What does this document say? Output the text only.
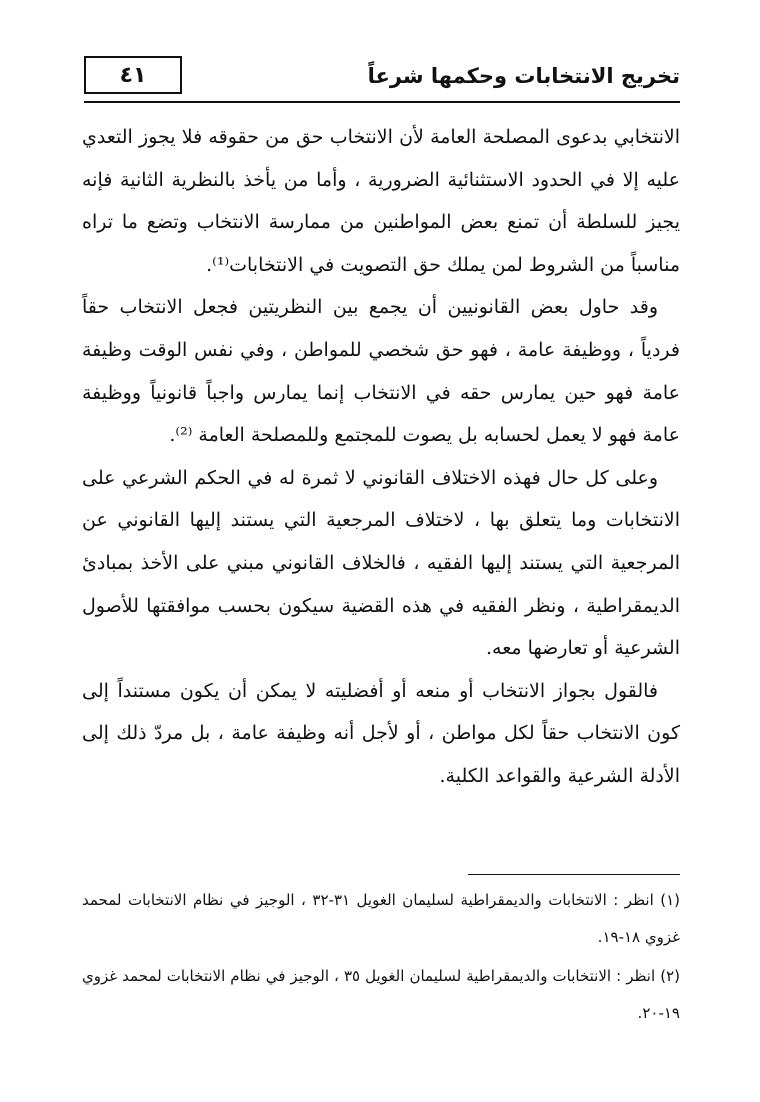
تخريج الانتخابات وحكمها شرعاً
٤١

الانتخابي بدعوى المصلحة العامة لأن الانتخاب حق من حقوقه فلا يجوز التعدي عليه إلا في الحدود الاستثنائية الضرورية ، وأما من يأخذ بالنظرية الثانية فإنه يجيز للسلطة أن تمنع بعض المواطنين من ممارسة الانتخاب وتضع ما تراه مناسباً من الشروط لمن يملك حق التصويت في الانتخابات⁽¹⁾.

وقد حاول بعض القانونيين أن يجمع بين النظريتين فجعل الانتخاب حقاً فردياً ، ووظيفة عامة ، فهو حق شخصي للمواطن ، وفي نفس الوقت وظيفة عامة فهو حين يمارس حقه في الانتخاب إنما يمارس واجباً قانونياً ووظيفة عامة فهو لا يعمل لحسابه بل يصوت للمجتمع وللمصلحة العامة ⁽²⁾.

وعلى كل حال فهذه الاختلاف القانوني لا ثمرة له في الحكم الشرعي على الانتخابات وما يتعلق بها ، لاختلاف المرجعية التي يستند إليها القانوني عن المرجعية التي يستند إليها الفقيه ، فالخلاف القانوني مبني على الأخذ بمبادئ الديمقراطية ، ونظر الفقيه في هذه القضية سيكون بحسب موافقتها للأصول الشرعية أو تعارضها معه.

فالقول بجواز الانتخاب أو منعه أو أفضليته لا يمكن أن يكون مستنداً إلى كون الانتخاب حقاً لكل مواطن ، أو لأجل أنه وظيفة عامة ، بل مردّ ذلك إلى الأدلة الشرعية والقواعد الكلية.

(١) انظر : الانتخابات والديمقراطية لسليمان الغويل ٣١-٣٢ ، الوجيز في نظام الانتخابات لمحمد غزوي ١٨-١٩.

(٢) انظر : الانتخابات والديمقراطية لسليمان الغويل ٣٥ ، الوجيز في نظام الانتخابات لمحمد غزوي ١٩-٢٠.
